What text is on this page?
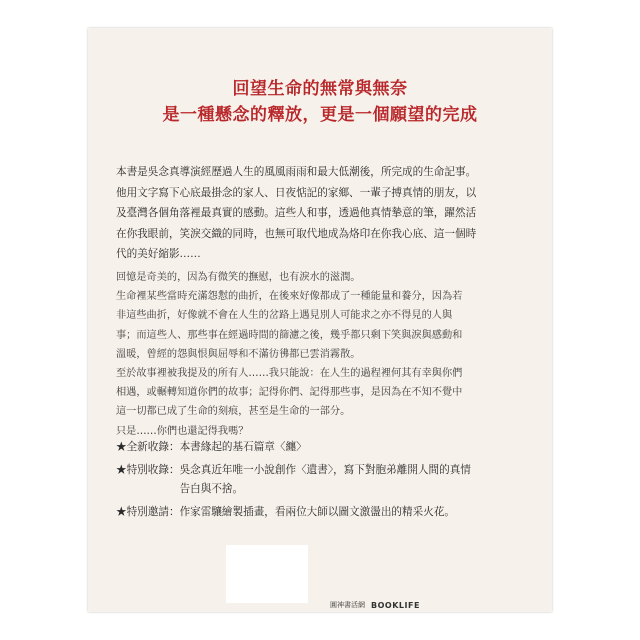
回望生命的無常與無奈
是一種懸念的釋放，更是一個願望的完成
本書是吳念真導演經歷過人生的風風雨雨和最大低潮後，所完成的生命記事。
他用文字寫下心底最掛念的家人、日夜惦記的家鄉、一輩子搏真情的朋友，以
及臺灣各個角落裡最真實的感動。這些人和事，透過他真情摯意的筆，躍然活
在你我眼前，笑淚交織的同時，也無可取代地成為烙印在你我心底、這一個時
代的美好縮影……
回憶是奇美的，因為有微笑的撫慰，也有淚水的滋潤。
生命裡某些當時充滿怨懟的曲折，在後來好像都成了一種能量和養分，因為若
非這些曲折，好像就不會在人生的岔路上遇見別人可能求之亦不得見的人與
事；而這些人、那些事在經過時間的篩濾之後，幾乎都只剩下笑與淚與感動和
溫暖，曾經的怨與恨與屈辱和不滿彷彿都已雲消霧散。
至於故事裡被我提及的所有人……我只能說：在人生的過程裡何其有幸與你們
相遇，或輾轉知道你們的故事；記得你們、記得那些事，是因為在不知不覺中
這一切都已成了生命的刻痕，甚至是生命的一部分。
只是……你們也還記得我嗎？
★全新收錄： 本書緣起的基石篇章〈纏〉
★特別收錄： 吳念真近年唯一小說創作〈遺書〉，寫下對胞弟離開人間的真情
告白與不捨。
★特別邀請： 作家雷驤繪製插畫，看兩位大師以圖文激盪出的精采火花。
圓神書活網 BOOKLIFE
